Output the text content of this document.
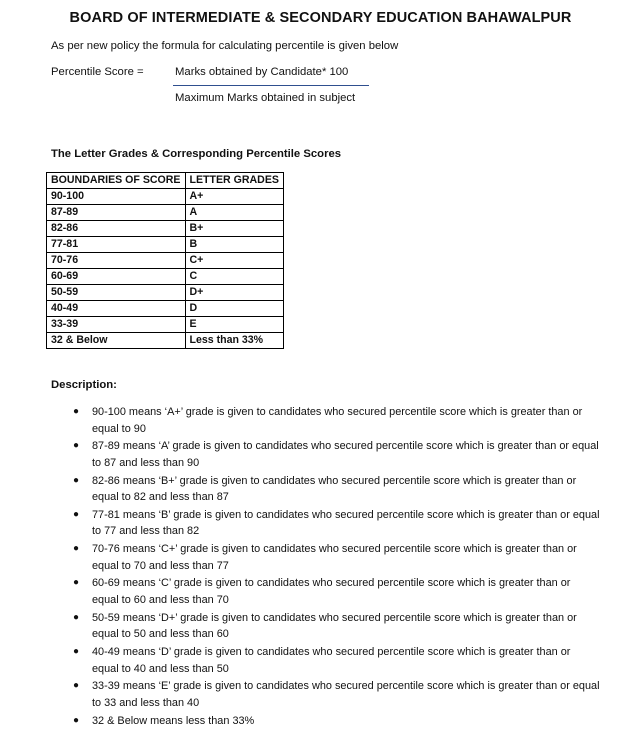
BOARD OF INTERMEDIATE & SECONDARY EDUCATION BAHAWALPUR
As per new policy the formula for calculating percentile is given below
Percentile Score =	Marks obtained by Candidate* 100
Maximum Marks obtained in subject
The Letter Grades & Corresponding Percentile Scores
BOUNDARIES OF SCORE	LETTER GRADES
90-100	A+
87-89	A
82-86	B+
77-81	B
70-76	C+
60-69	C
50-59	D+
40-49	D
33-39	E
32 & Below	Less than 33%
Description:
● 90-100 means ‘A+’ grade is given to candidates who secured percentile score which is greater than or equal to 90
● 87-89 means ‘A’ grade is given to candidates who secured percentile score which is greater than or equal to 87 and less than 90
● 82-86 means ‘B+’ grade is given to candidates who secured percentile score which is greater than or equal to 82 and less than 87
● 77-81 means ‘B’ grade is given to candidates who secured percentile score which is greater than or equal to 77 and less than 82
● 70-76 means ‘C+’ grade is given to candidates who secured percentile score which is greater than or equal to 70 and less than 77
● 60-69 means ‘C’ grade is given to candidates who secured percentile score which is greater than or equal to 60 and less than 70
● 50-59 means ‘D+’ grade is given to candidates who secured percentile score which is greater than or equal to 50 and less than 60
● 40-49 means ‘D’ grade is given to candidates who secured percentile score which is greater than or equal to 40 and less than 50
● 33-39 means ‘E’ grade is given to candidates who secured percentile score which is greater than or equal to 33 and less than 40
● 32 & Below means less than 33%
